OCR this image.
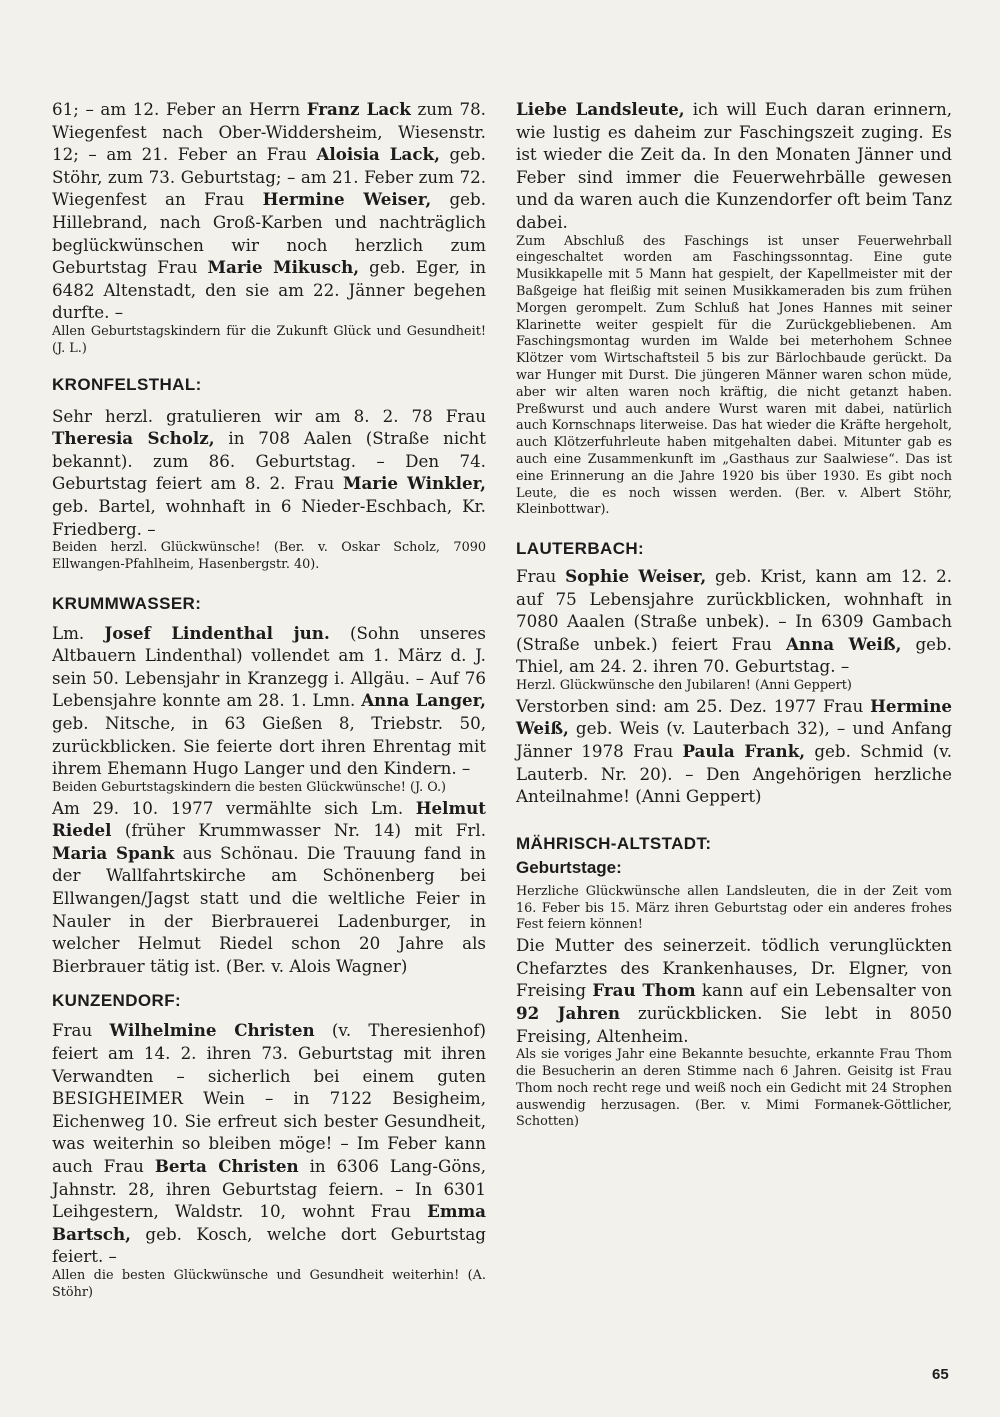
61; – am 12. Feber an Herrn Franz Lack zum 78. Wiegenfest nach Ober-Widdersheim, Wiesenstr. 12; – am 21. Feber an Frau Aloisia Lack, geb. Stöhr, zum 73. Geburtstag; – am 21. Feber zum 72. Wiegenfest an Frau Hermine Weiser, geb. Hillebrand, nach Groß-Karben und nachträglich beglückwünschen wir noch herzlich zum Geburtstag Frau Marie Mikusch, geb. Eger, in 6482 Altenstadt, den sie am 22. Jänner begehen durfte. –

Allen Geburtstagskindern für die Zukunft Glück und Gesundheit! (J. L.)

KRONFELSTHAL:

Sehr herzl. gratulieren wir am 8. 2. 78 Frau Theresia Scholz, in 708 Aalen (Straße nicht bekannt). zum 86. Geburtstag. – Den 74. Geburtstag feiert am 8. 2. Frau Marie Winkler, geb. Bartel, wohnhaft in 6 Nieder-Eschbach, Kr. Friedberg. –

Beiden herzl. Glückwünsche! (Ber. v. Oskar Scholz, 7090 Ellwangen-Pfahlheim, Hasenbergstr. 40).

KRUMMWASSER:

Lm. Josef Lindenthal jun. (Sohn unseres Altbauern Lindenthal) vollendet am 1. März d. J. sein 50. Lebensjahr in Kranzegg i. Allgäu. – Auf 76 Lebensjahre konnte am 28. 1. Lmn. Anna Langer, geb. Nitsche, in 63 Gießen 8, Triebstr. 50, zurückblicken. Sie feierte dort ihren Ehrentag mit ihrem Ehemann Hugo Langer und den Kindern. –

Beiden Geburtstagskindern die besten Glückwünsche! (J. O.)

Am 29. 10. 1977 vermählte sich Lm. Helmut Riedel (früher Krummwasser Nr. 14) mit Frl. Maria Spank aus Schönau. Die Trauung fand in der Wallfahrtskirche am Schönenberg bei Ellwangen/Jagst statt und die weltliche Feier in Nauler in der Bierbrauerei Ladenburger, in welcher Helmut Riedel schon 20 Jahre als Bierbrauer tätig ist. (Ber. v. Alois Wagner)

KUNZENDORF:

Frau Wilhelmine Christen (v. Theresienhof) feiert am 14. 2. ihren 73. Geburtstag mit ihren Verwandten – sicherlich bei einem guten BESIGHEIMER Wein – in 7122 Besigheim, Eichenweg 10. Sie erfreut sich bester Gesundheit, was weiterhin so bleiben möge! – Im Feber kann auch Frau Berta Christen in 6306 Lang-Göns, Jahnstr. 28, ihren Geburtstag feiern. – In 6301 Leihgestern, Waldstr. 10, wohnt Frau Emma Bartsch, geb. Kosch, welche dort Geburtstag feiert. –

Allen die besten Glückwünsche und Gesundheit weiterhin! (A. Stöhr)

Liebe Landsleute, ich will Euch daran erinnern, wie lustig es daheim zur Faschingszeit zuging. Es ist wieder die Zeit da. In den Monaten Jänner und Feber sind immer die Feuerwehrbälle gewesen und da waren auch die Kunzendorfer oft beim Tanz dabei.

Zum Abschluß des Faschings ist unser Feuerwehrball eingeschaltet worden am Faschingssonntag. Eine gute Musikkapelle mit 5 Mann hat gespielt, der Kapellmeister mit der Baßgeige hat fleißig mit seinen Musikkameraden bis zum frühen Morgen gerompelt. Zum Schluß hat Jones Hannes mit seiner Klarinette weiter gespielt für die Zurückgebliebenen. Am Faschingsmontag wurden im Walde bei meterhohem Schnee Klötzer vom Wirtschaftsteil 5 bis zur Bärlochbaude gerückt. Da war Hunger mit Durst. Die jüngeren Männer waren schon müde, aber wir alten waren noch kräftig, die nicht getanzt haben. Preßwurst und auch andere Wurst waren mit dabei, natürlich auch Kornschnaps literweise. Das hat wieder die Kräfte hergeholt, auch Klötzerfuhrleute haben mitgehalten dabei. Mitunter gab es auch eine Zusammenkunft im „Gasthaus zur Saalwiese“. Das ist eine Erinnerung an die Jahre 1920 bis über 1930. Es gibt noch Leute, die es noch wissen werden. (Ber. v. Albert Stöhr, Kleinbottwar).

LAUTERBACH:

Frau Sophie Weiser, geb. Krist, kann am 12. 2. auf 75 Lebensjahre zurückblicken, wohnhaft in 7080 Aaalen (Straße unbek). – In 6309 Gambach (Straße unbek.) feiert Frau Anna Weiß, geb. Thiel, am 24. 2. ihren 70. Geburtstag. –

Herzl. Glückwünsche den Jubilaren! (Anni Geppert)

Verstorben sind: am 25. Dez. 1977 Frau Hermine Weiß, geb. Weis (v. Lauterbach 32), – und Anfang Jänner 1978 Frau Paula Frank, geb. Schmid (v. Lauterb. Nr. 20). – Den Angehörigen herzliche Anteilnahme! (Anni Geppert)

MÄHRISCH-ALTSTADT:

Geburtstage:

Herzliche Glückwünsche allen Landsleuten, die in der Zeit vom 16. Feber bis 15. März ihren Geburtstag oder ein anderes frohes Fest feiern können!

Die Mutter des seinerzeit. tödlich verunglückten Chefarztes des Krankenhauses, Dr. Elgner, von Freising Frau Thom kann auf ein Lebensalter von 92 Jahren zurückblicken. Sie lebt in 8050 Freising, Altenheim.

Als sie voriges Jahr eine Bekannte besuchte, erkannte Frau Thom die Besucherin an deren Stimme nach 6 Jahren. Geisitg ist Frau Thom noch recht rege und weiß noch ein Gedicht mit 24 Strophen auswendig herzusagen. (Ber. v. Mimi Formanek-Göttlicher, Schotten)

65
